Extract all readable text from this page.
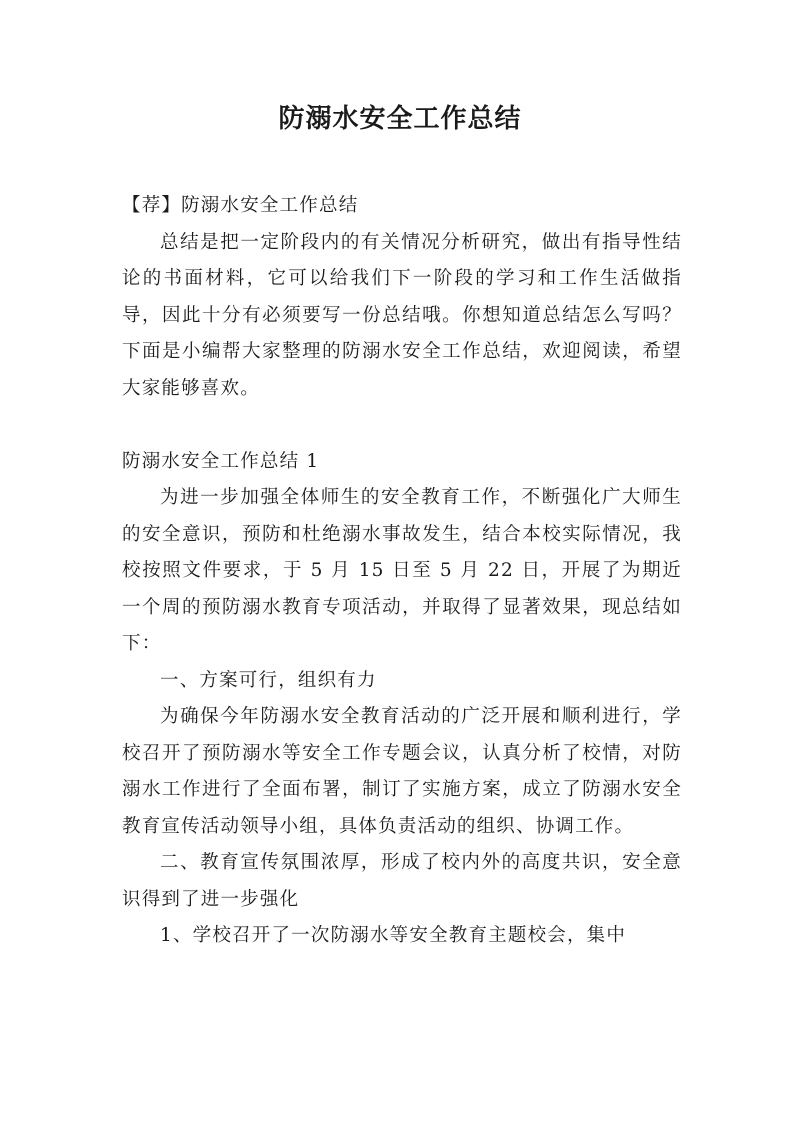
防溺水安全工作总结

【荐】防溺水安全工作总结

总结是把一定阶段内的有关情况分析研究，做出有指导性结论的书面材料，它可以给我们下一阶段的学习和工作生活做指导，因此十分有必须要写一份总结哦。你想知道总结怎么写吗？下面是小编帮大家整理的防溺水安全工作总结，欢迎阅读，希望大家能够喜欢。

防溺水安全工作总结 1

为进一步加强全体师生的安全教育工作，不断强化广大师生的安全意识，预防和杜绝溺水事故发生，结合本校实际情况，我校按照文件要求，于 5 月 15 日至 5 月 22 日，开展了为期近一个周的预防溺水教育专项活动，并取得了显著效果，现总结如下：

一、方案可行，组织有力

为确保今年防溺水安全教育活动的广泛开展和顺利进行，学校召开了预防溺水等安全工作专题会议，认真分析了校情，对防溺水工作进行了全面布署，制订了实施方案，成立了防溺水安全教育宣传活动领导小组，具体负责活动的组织、协调工作。

二、教育宣传氛围浓厚，形成了校内外的高度共识，安全意识得到了进一步强化

1、学校召开了一次防溺水等安全教育主题校会，集中
